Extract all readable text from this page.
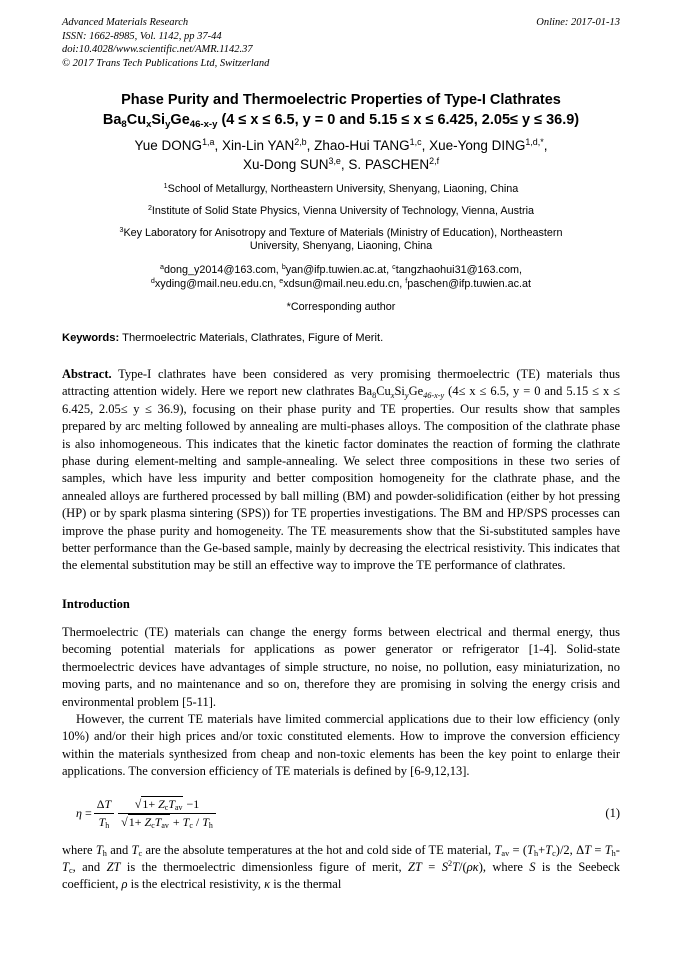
Advanced Materials Research
ISSN: 1662-8985, Vol. 1142, pp 37-44
doi:10.4028/www.scientific.net/AMR.1142.37
© 2017 Trans Tech Publications Ltd, Switzerland
Online: 2017-01-13
Phase Purity and Thermoelectric Properties of Type-I Clathrates
Ba8CuxSiyGe46-x-y (4 ≤ x ≤ 6.5, y = 0 and 5.15 ≤ x ≤ 6.425, 2.05≤ y ≤ 36.9)
Yue DONG$^{1,a}$, Xin-Lin YAN$^{2,b}$, Zhao-Hui TANG$^{1,c}$, Xue-Yong $DING^{1,d,*}$,
Xu-Dong SUN$^{3,e}$, S. PASCHEN$^{2,f}$
$^1$School of Metallurgy, Northeastern University, Shenyang, Liaoning, China
$^2$Institute of Solid State Physics, Vienna University of Technology, Vienna, Austria
$^3$Key Laboratory for Anisotropy and Texture of Materials (Ministry of Education), Northeastern University, Shenyang, Liaoning, China
$^a$dong_y2014@163.com, $^b$yan@ifp.tuwien.ac.at, $^c$tangzhaohui31@163.com,
$^d$xyding@mail.neu.edu.cn, $^e$xdsun@mail.neu.edu.cn, $^f$paschen@ifp.tuwien.ac.at
*Corresponding author

Keywords: Thermoelectric Materials, Clathrates, Figure of Merit.

Abstract. Type-I clathrates have been considered as very promising thermoelectric (TE) materials thus attracting attention widely. Here we report new clathrates Ba8CuxSiyGe46-x-y (4≤ x ≤ 6.5, y = 0 and 5.15 ≤ x ≤ 6.425, 2.05≤ y ≤ 36.9), focusing on their phase purity and TE properties. Our results show that samples prepared by arc melting followed by annealing are multi-phases alloys. The composition of the clathrate phase is also inhomogeneous. This indicates that the kinetic factor dominates the reaction of forming the clathrate phase during element-melting and sample-annealing. We select three compositions in these two series of samples, which have less impurity and better composition homogeneity for the clathrate phase, and the annealed alloys are furthered processed by ball milling (BM) and powder-solidification (either by hot pressing (HP) or by spark plasma sintering (SPS)) for TE properties investigations. The BM and HP/SPS processes can improve the phase purity and homogeneity. The TE measurements show that the Si-substituted samples have better performance than the Ge-based sample, mainly by decreasing the electrical resistivity. This indicates that the elemental substitution may be still an effective way to improve the TE performance of clathrates.

Introduction

Thermoelectric (TE) materials can change the energy forms between electrical and thermal energy, thus becoming potential materials for applications as power generator or refrigerator [1-4]. Solid-state thermoelectric devices have advantages of simple structure, no noise, no pollution, easy miniaturization, no moving parts, and no maintenance and so on, therefore they are promising in solving the energy crisis and environmental problem [5-11].

However, the current TE materials have limited commercial applications due to their low efficiency (only 10%) and/or their high prices and/or toxic constituted elements. How to improve the conversion efficiency within the materials synthesized from cheap and non-toxic elements has been the key point to enlarge their applications. The conversion efficiency of TE materials is defined by [6-9,12,13].

$\eta = \frac{\Delta T}{Th}$ √ 1+ ZcTav −1
√ 1+ ZcTav + Tc / Th	(1)

where Th and Tc are the absolute temperatures at the hot and cold side of TE material, Tav = (Th+Tc)/2, ΔT = Th-Tc, and ZT is the thermoelectric dimensionless figure of merit, ZT = $S^2T/(\rho\kappa)$, where S is the Seebeck coefficient, ρ is the electrical resistivity, κ is the thermal
